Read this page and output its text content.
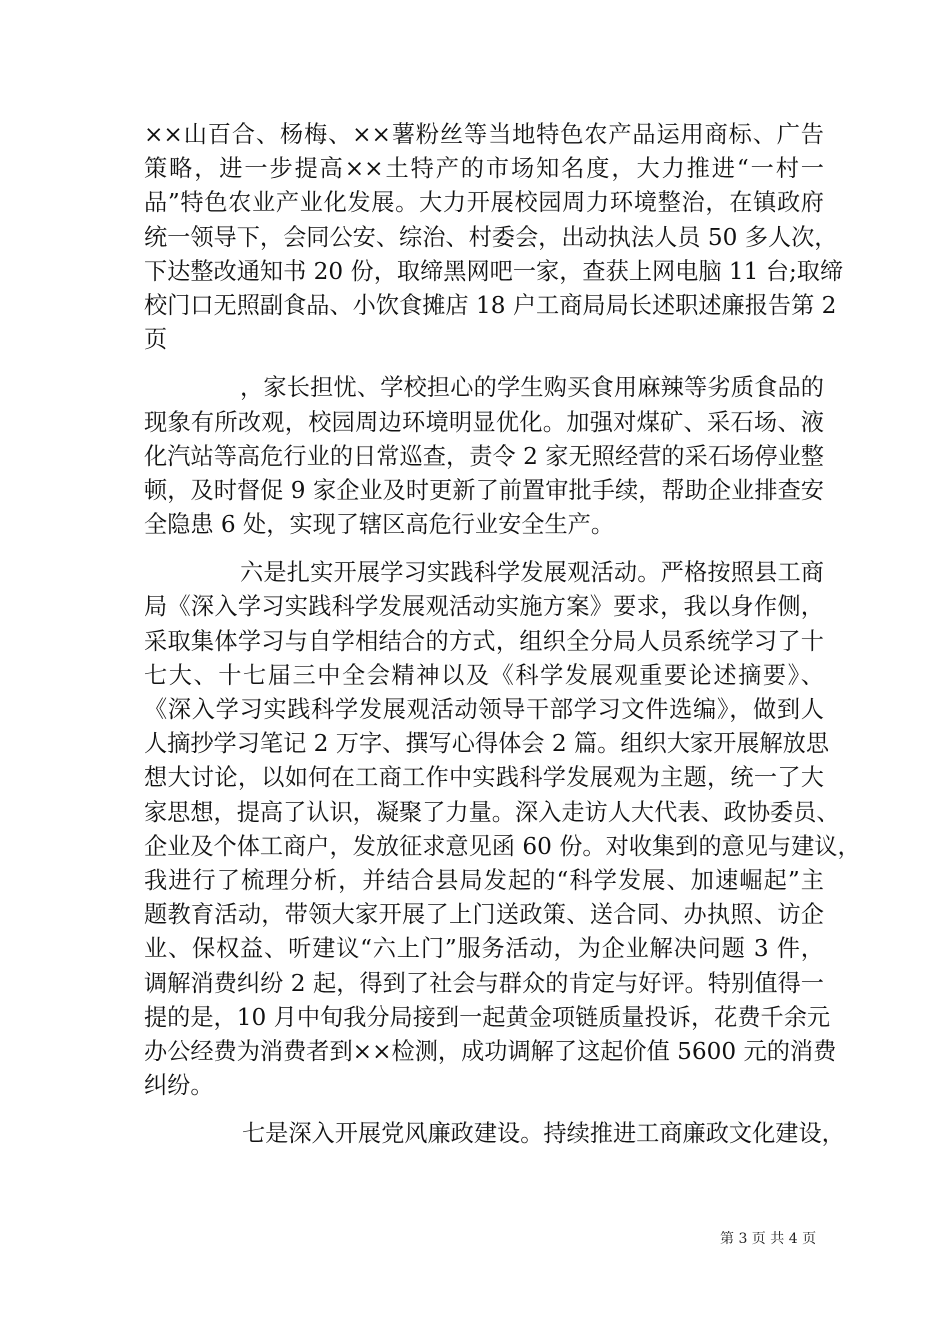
××山百合、杨梅、××薯粉丝等当地特色农产品运用商标、广告
策略，进一步提高××土特产的市场知名度，大力推进“一村一
品”特色农业产业化发展。大力开展校园周力环境整治，在镇政府
统一领导下，会同公安、综治、村委会，出动执法人员 50 多人次，
下达整改通知书 20 份，取缔黑网吧一家，查获上网电脑 11 台;取缔
校门口无照副食品、小饮食摊店 18 户工商局局长述职述廉报告第 2
页
，家长担忧、学校担心的学生购买食用麻辣等劣质食品的
现象有所改观，校园周边环境明显优化。加强对煤矿、采石场、液
化汽站等高危行业的日常巡查，责令 2 家无照经营的采石场停业整
顿，及时督促 9 家企业及时更新了前置审批手续，帮助企业排查安
全隐患 6 处，实现了辖区高危行业安全生产。
六是扎实开展学习实践科学发展观活动。严格按照县工商
局《深入学习实践科学发展观活动实施方案》要求，我以身作侧，
采取集体学习与自学相结合的方式，组织全分局人员系统学习了十
七大、十七届三中全会精神以及《科学发展观重要论述摘要》、
《深入学习实践科学发展观活动领导干部学习文件选编》，做到人
人摘抄学习笔记 2 万字、撰写心得体会 2 篇。组织大家开展解放思
想大讨论，以如何在工商工作中实践科学发展观为主题，统一了大
家思想，提高了认识，凝聚了力量。深入走访人大代表、政协委员、
企业及个体工商户，发放征求意见函 60 份。对收集到的意见与建议，
我进行了梳理分析，并结合县局发起的“科学发展、加速崛起”主
题教育活动，带领大家开展了上门送政策、送合同、办执照、访企
业、保权益、听建议“六上门”服务活动，为企业解决问题 3 件，
调解消费纠纷 2 起，得到了社会与群众的肯定与好评。特别值得一
提的是，10 月中旬我分局接到一起黄金项链质量投诉，花费千余元
办公经费为消费者到××检测，成功调解了这起价值 5600 元的消费
纠纷。
七是深入开展党风廉政建设。持续推进工商廉政文化建设，
第 3 页 共 4 页
